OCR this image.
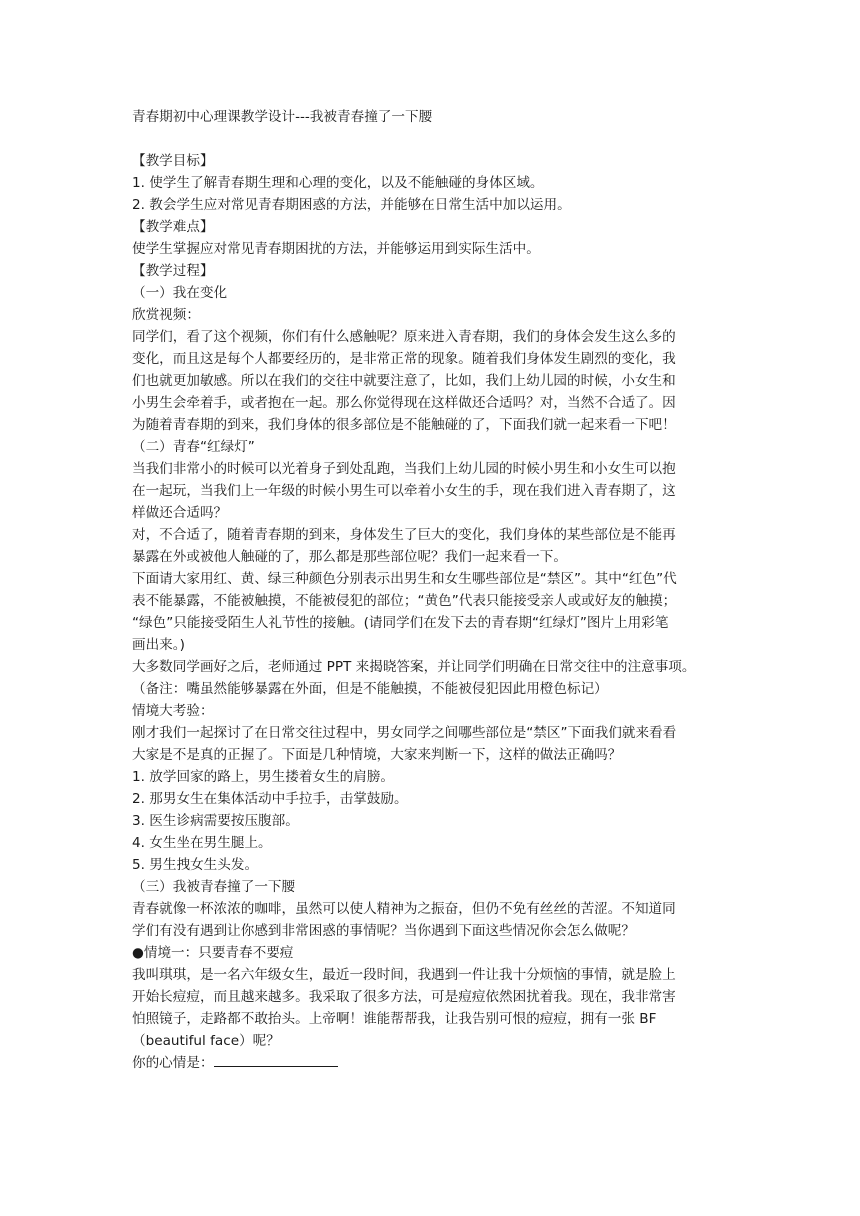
青春期初中心理课教学设计---我被青春撞了一下腰
【教学目标】
1. 使学生了解青春期生理和心理的变化，以及不能触碰的身体区域。
2. 教会学生应对常见青春期困惑的方法，并能够在日常生活中加以运用。
【教学难点】
使学生掌握应对常见青春期困扰的方法，并能够运用到实际生活中。
【教学过程】
（一）我在变化
欣赏视频：
同学们，看了这个视频，你们有什么感触呢？原来进入青春期，我们的身体会发生这么多的
变化，而且这是每个人都要经历的，是非常正常的现象。随着我们身体发生剧烈的变化，我
们也就更加敏感。所以在我们的交往中就要注意了，比如，我们上幼儿园的时候，小女生和
小男生会牵着手，或者抱在一起。那么你觉得现在这样做还合适吗？对，当然不合适了。因
为随着青春期的到来，我们身体的很多部位是不能触碰的了，下面我们就一起来看一下吧！
（二）青春“红绿灯”
当我们非常小的时候可以光着身子到处乱跑，当我们上幼儿园的时候小男生和小女生可以抱
在一起玩，当我们上一年级的时候小男生可以牵着小女生的手，现在我们进入青春期了，这
样做还合适吗？
对，不合适了，随着青春期的到来，身体发生了巨大的变化，我们身体的某些部位是不能再
暴露在外或被他人触碰的了，那么都是那些部位呢？我们一起来看一下。
下面请大家用红、黄、绿三种颜色分别表示出男生和女生哪些部位是“禁区”。其中“红色”代
表不能暴露，不能被触摸，不能被侵犯的部位；“黄色”代表只能接受亲人或或好友的触摸；
“绿色”只能接受陌生人礼节性的接触。(请同学们在发下去的青春期“红绿灯”图片上用彩笔
画出来。)
大多数同学画好之后，老师通过 PPT 来揭晓答案，并让同学们明确在日常交往中的注意事项。
（备注：嘴虽然能够暴露在外面，但是不能触摸，不能被侵犯因此用橙色标记）
情境大考验：
刚才我们一起探讨了在日常交往过程中，男女同学之间哪些部位是“禁区”下面我们就来看看
大家是不是真的正握了。下面是几种情境，大家来判断一下，这样的做法正确吗？
1. 放学回家的路上，男生搂着女生的肩膀。
2. 那男女生在集体活动中手拉手，击掌鼓励。
3. 医生诊病需要按压腹部。
4. 女生坐在男生腿上。
5. 男生拽女生头发。
（三）我被青春撞了一下腰
青春就像一杯浓浓的咖啡，虽然可以使人精神为之振奋，但仍不免有丝丝的苦涩。不知道同
学们有没有遇到让你感到非常困惑的事情呢？当你遇到下面这些情况你会怎么做呢？
●情境一：只要青春不要痘
我叫琪琪，是一名六年级女生，最近一段时间，我遇到一件让我十分烦恼的事情，就是脸上
开始长痘痘，而且越来越多。我采取了很多方法，可是痘痘依然困扰着我。现在，我非常害
怕照镜子，走路都不敢抬头。上帝啊！谁能帮帮我，让我告别可恨的痘痘，拥有一张 BF
（beautiful face）呢？
你的心情是：
